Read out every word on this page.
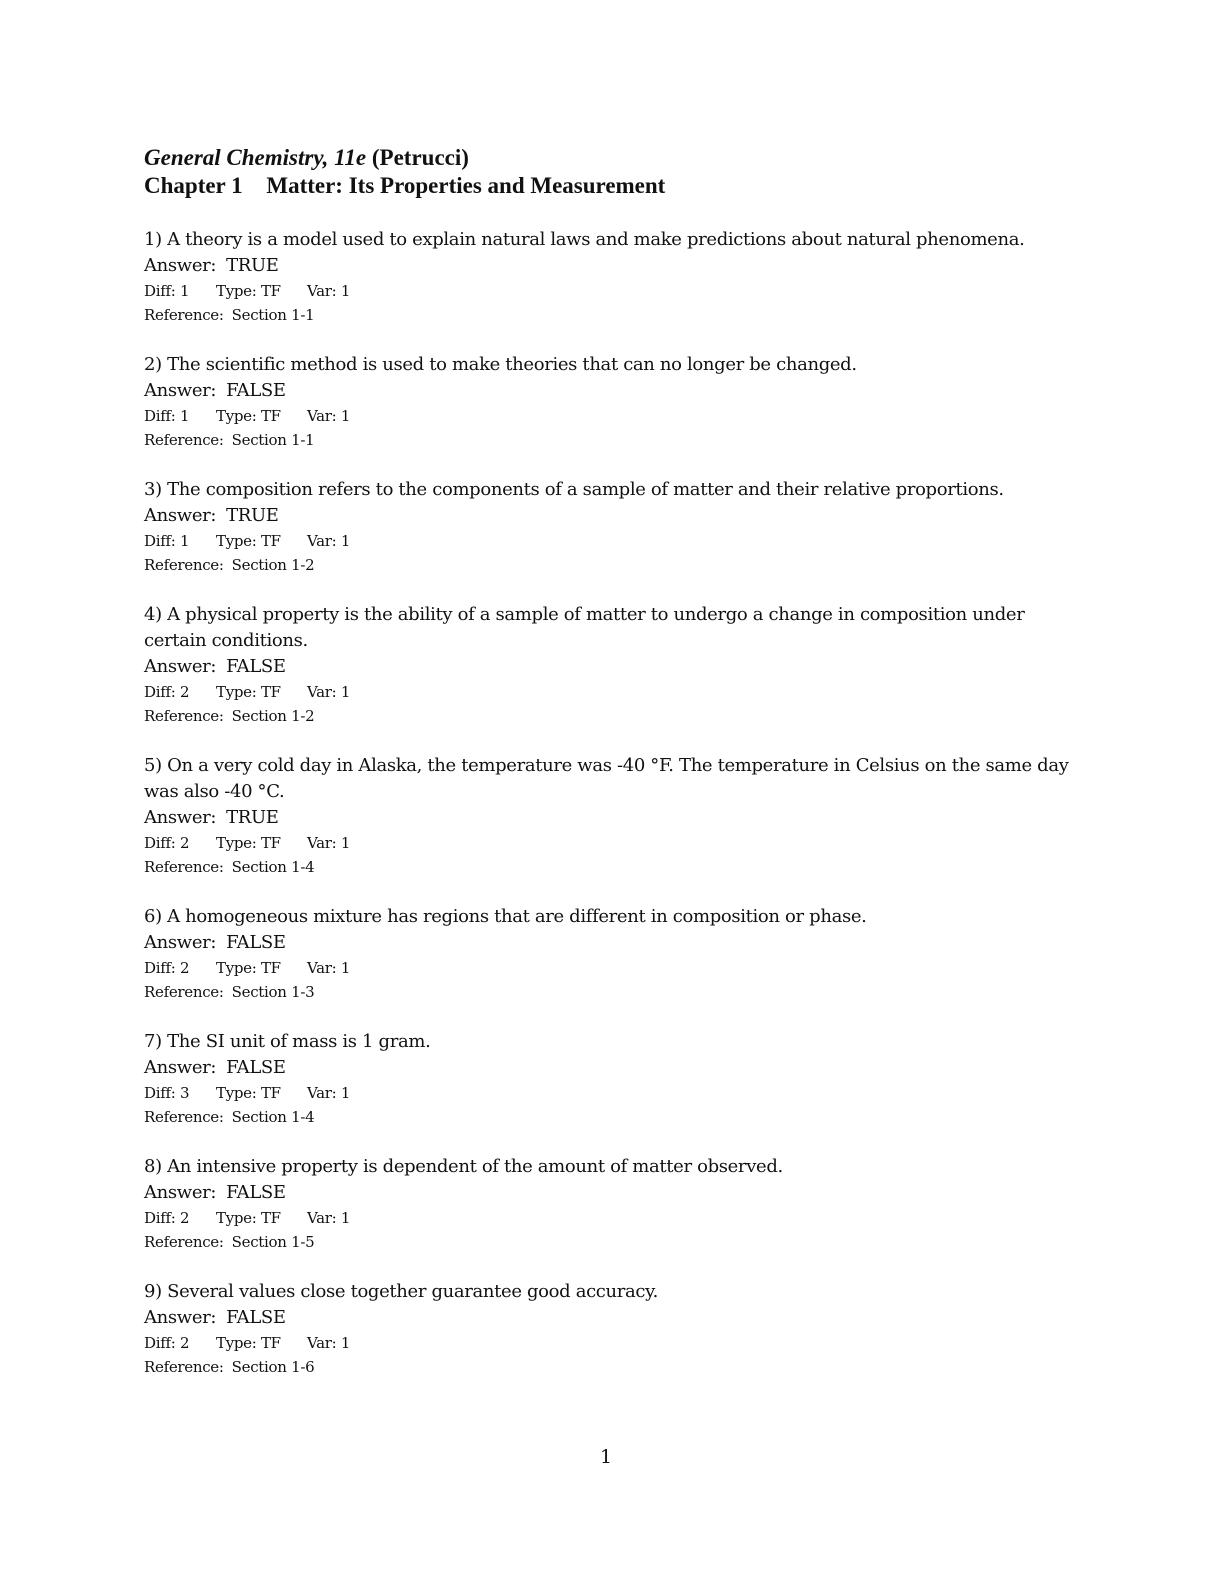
General Chemistry, 11e (Petrucci)
Chapter 1 Matter: Its Properties and Measurement
1) A theory is a model used to explain natural laws and make predictions about natural phenomena.
Answer: TRUE
Diff: 1 Type: TF Var: 1
Reference: Section 1-1
2) The scientific method is used to make theories that can no longer be changed.
Answer: FALSE
Diff: 1 Type: TF Var: 1
Reference: Section 1-1
3) The composition refers to the components of a sample of matter and their relative proportions.
Answer: TRUE
Diff: 1 Type: TF Var: 1
Reference: Section 1-2
4) A physical property is the ability of a sample of matter to undergo a change in composition under certain conditions.
Answer: FALSE
Diff: 2 Type: TF Var: 1
Reference: Section 1-2
5) On a very cold day in Alaska, the temperature was -40 °F. The temperature in Celsius on the same day was also -40 °C.
Answer: TRUE
Diff: 2 Type: TF Var: 1
Reference: Section 1-4
6) A homogeneous mixture has regions that are different in composition or phase.
Answer: FALSE
Diff: 2 Type: TF Var: 1
Reference: Section 1-3
7) The SI unit of mass is 1 gram.
Answer: FALSE
Diff: 3 Type: TF Var: 1
Reference: Section 1-4
8) An intensive property is dependent of the amount of matter observed.
Answer: FALSE
Diff: 2 Type: TF Var: 1
Reference: Section 1-5
9) Several values close together guarantee good accuracy.
Answer: FALSE
Diff: 2 Type: TF Var: 1
Reference: Section 1-6
1
